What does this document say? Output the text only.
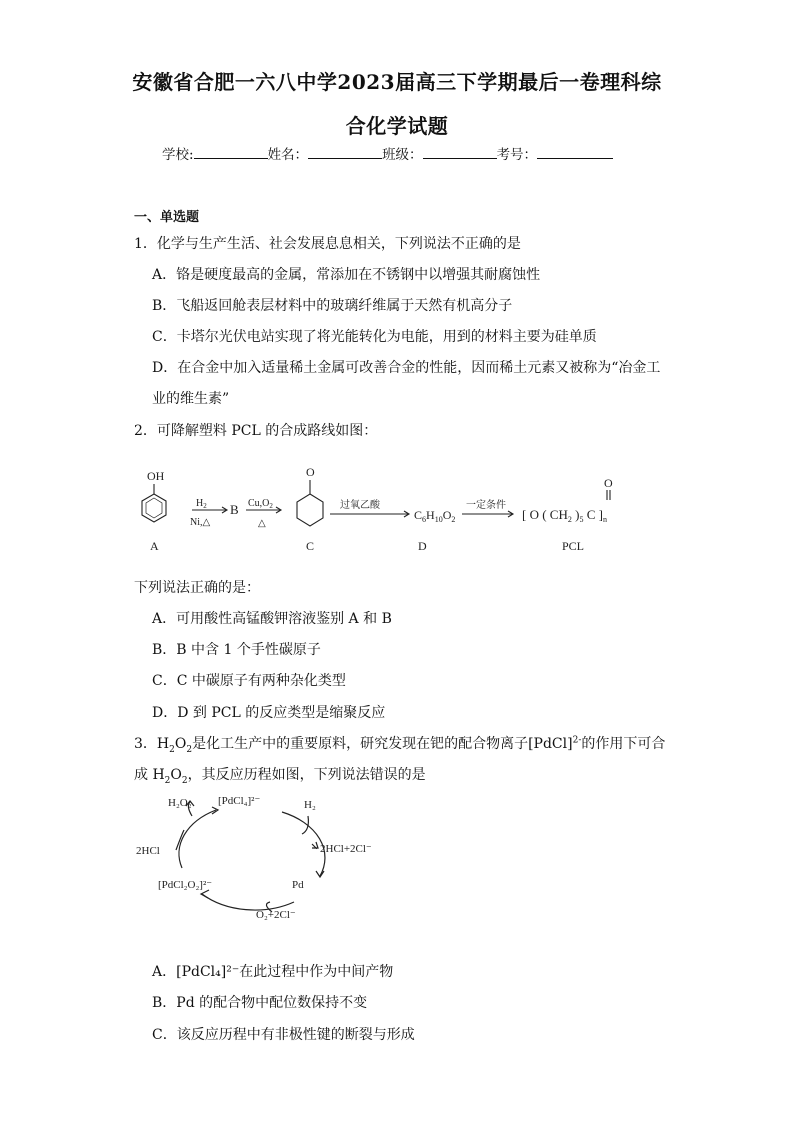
安徽省合肥一六八中学2023届高三下学期最后一卷理科综
合化学试题
学校:	姓名：	班级：	考号：
一、单选题
1．化学与生产生活、社会发展息息相关，下列说法不正确的是
A．铬是硬度最高的金属，常添加在不锈钢中以增强其耐腐蚀性
B．飞船返回舱表层材料中的玻璃纤维属于天然有机高分子
C．卡塔尔光伏电站实现了将光能转化为电能，用到的材料主要为硅单质
D．在合金中加入适量稀土金属可改善合金的性能，因而稀土元素又被称为“冶金工
业的维生素”
2．可降解塑料 PCL 的合成路线如图：
OH
A
$H_2$
Ni,△
B $Cu,O_2$
△
O
C
过氧乙酸
$C_6H_{10}O_2$
D
一定条件
[ O ( $CH_2$ )$_5$ C ]$_n$
O
PCL
下列说法正确的是：
A．可用酸性高锰酸钾溶液鉴别 A 和 B
B．B 中含 1 个手性碳原子
C．C 中碳原子有两种杂化类型
D．D 到 PCL 的反应类型是缩聚反应
3．$H_2O_2$是化工生产中的重要原料，研究发现在钯的配合物离子[PdCl]$^{2-}$的作用下可合
成 $H_2O_2$，其反应历程如图，下列说法错误的是
H₂O₂ [PdCl₄]²⁻	H₂
2HCl+2Cl⁻
Pd
O₂+2Cl⁻
[PdCl₂O₂]²⁻
2HCl
A．[PdCl₄]²⁻在此过程中作为中间产物
B．Pd 的配合物中配位数保持不变
C．该反应历程中有非极性键的断裂与形成
